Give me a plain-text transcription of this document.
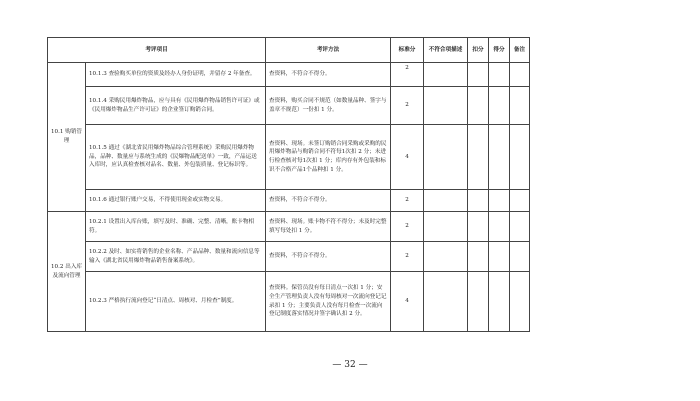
考评项目		考评方法	标准分	不符合项描述	扣分	得分	备注
10.1 购销管理	10.1.3 查验购买单位的资质及经办人身份证明，并留存 2 年备查。	查资料，不符合不得分。	2				
	10.1.4 采购民用爆炸物品，应与具有《民用爆炸物品销售许可证》或《民用爆炸物品生产许可证》的企业签订购销合同。	查资料，购买合同不规范（如数量品种、签字与盖章不规范）一份扣 1 分。	2				
	10.1.5 通过《湖北省民用爆炸物品综合管理系统》采购民用爆炸物品，品种、数量应与系统生成的《民爆物品配送单》一致，产品运送入库时，应认真检查核对品名、数量、外包装质量、登记标识等。	查资料、现场。未签订购销合同采购或采购的民用爆炸物品与购销合同不符每1次扣 2 分；未进行检查核对每1次扣 1 分；库内存有外包装和标识不合格产品1个品种扣 1 分。	4				
	10.1.6 通过银行账户交易，不得使用现金或实物交易。	查资料，不符合不得分。	2				
10.2 出入库及流向管理	10.2.1 设置出入库台账，填写及时、准确、完整、清晰，账卡物相符。	查资料、现场。账卡物不符不得分；未及时完整填写每处扣 1 分。	2				
	10.2.2 及时、如实将销售的企业名称、产品品种、数量和流向信息等输入《湖北省民用爆炸物品销售备案系统》。	查资料，不符合不得分。	2				
	10.2.3 严格执行流向登记“日清点、周核对、月检查”制度。	查资料。保管员没有每日清点一次扣 1 分；安全生产管理负责人没有每周核对一次流向登记记录扣 1 分；主要负责人没有每月检查一次流向登记制度落实情况并签字确认扣 2 分。	4				
— 32 —
